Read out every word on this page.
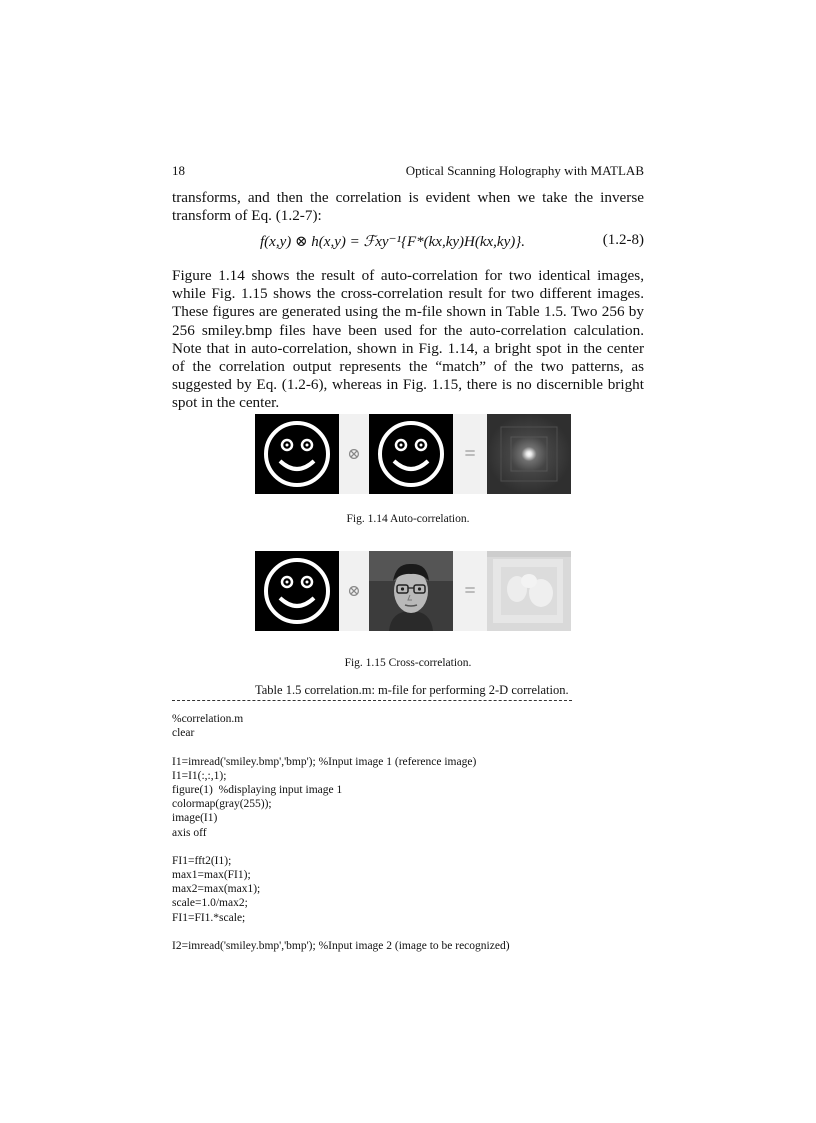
18	Optical Scanning Holography with MATLAB
transforms, and then the correlation is evident when we take the inverse transform of Eq. (1.2-7):
f(x,y) ⊗ h(x,y) = ℱxy⁻¹{F*(kx,ky)H(kx,ky)}.	(1.2-8)
Figure 1.14 shows the result of auto-correlation for two identical images, while Fig. 1.15 shows the cross-correlation result for two different images. These figures are generated using the m-file shown in Table 1.5. Two 256 by 256 smiley.bmp files have been used for the auto-correlation calculation. Note that in auto-correlation, shown in Fig. 1.14, a bright spot in the center of the correlation output represents the “match” of the two patterns, as suggested by Eq. (1.2-6), whereas in Fig. 1.15, there is no discernible bright spot in the center.
⊗	=
Fig. 1.14 Auto-correlation.
⊗	=
Fig. 1.15 Cross-correlation.
Table 1.5 correlation.m: m-file for performing 2-D correlation.
%correlation.m
clear
I1=imread('smiley.bmp','bmp'); %Input image 1 (reference image)
I1=I1(:,:,1);
figure(1)  %displaying input image 1
colormap(gray(255));
image(I1)
axis off
FI1=fft2(I1);
max1=max(FI1);
max2=max(max1);
scale=1.0/max2;
FI1=FI1.*scale;
I2=imread('smiley.bmp','bmp'); %Input image 2 (image to be recognized)
